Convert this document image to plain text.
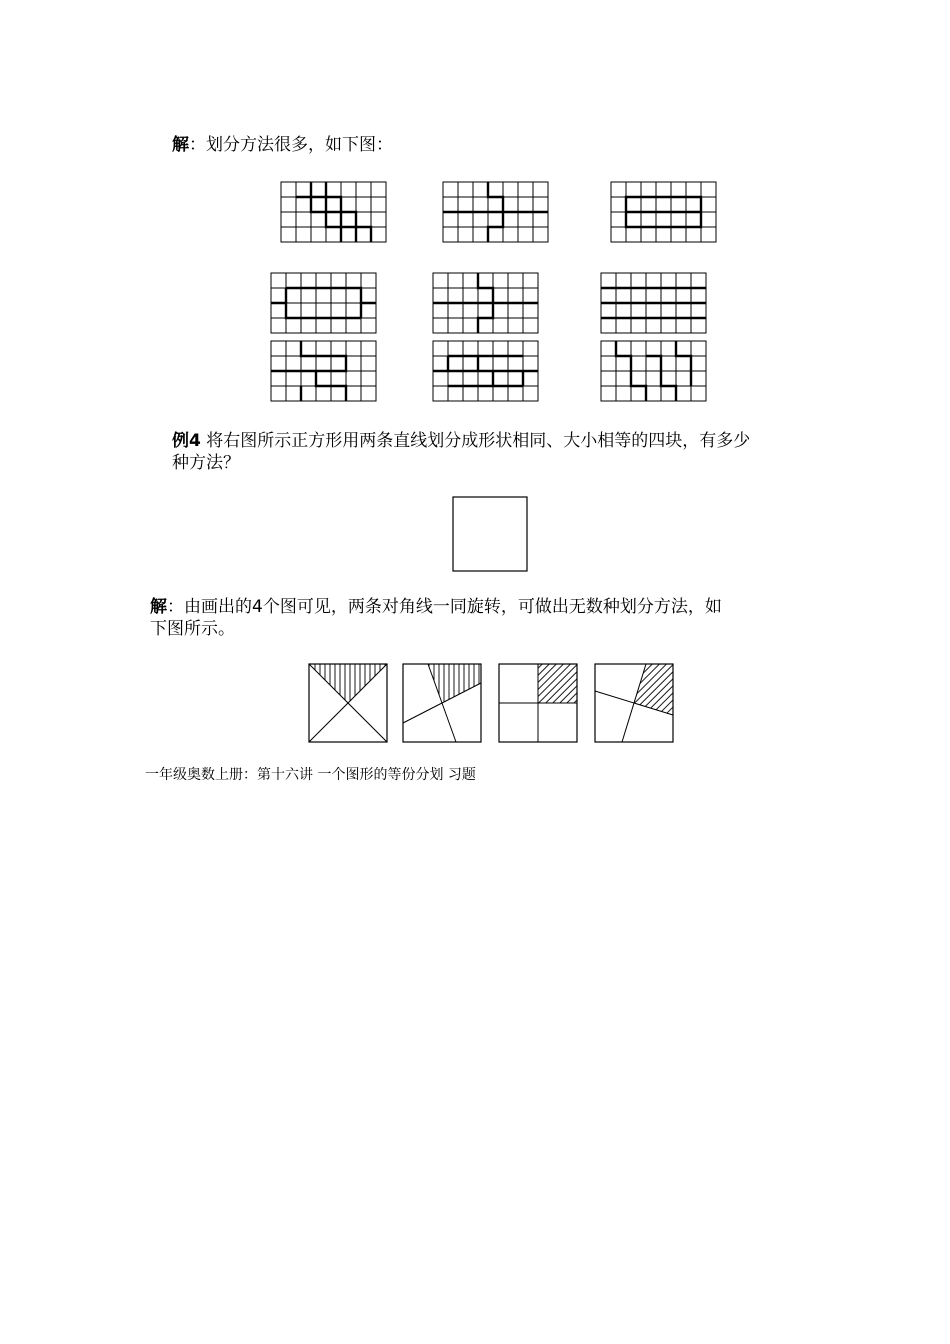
解：划分方法很多，如下图：
例4 将右图所示正方形用两条直线划分成形状相同、大小相等的四块，有多少
种方法？
解：由画出的4个图可见，两条对角线一同旋转，可做出无数种划分方法，如
下图所示。
一年级奥数上册：第十六讲 一个图形的等份分划 习题
